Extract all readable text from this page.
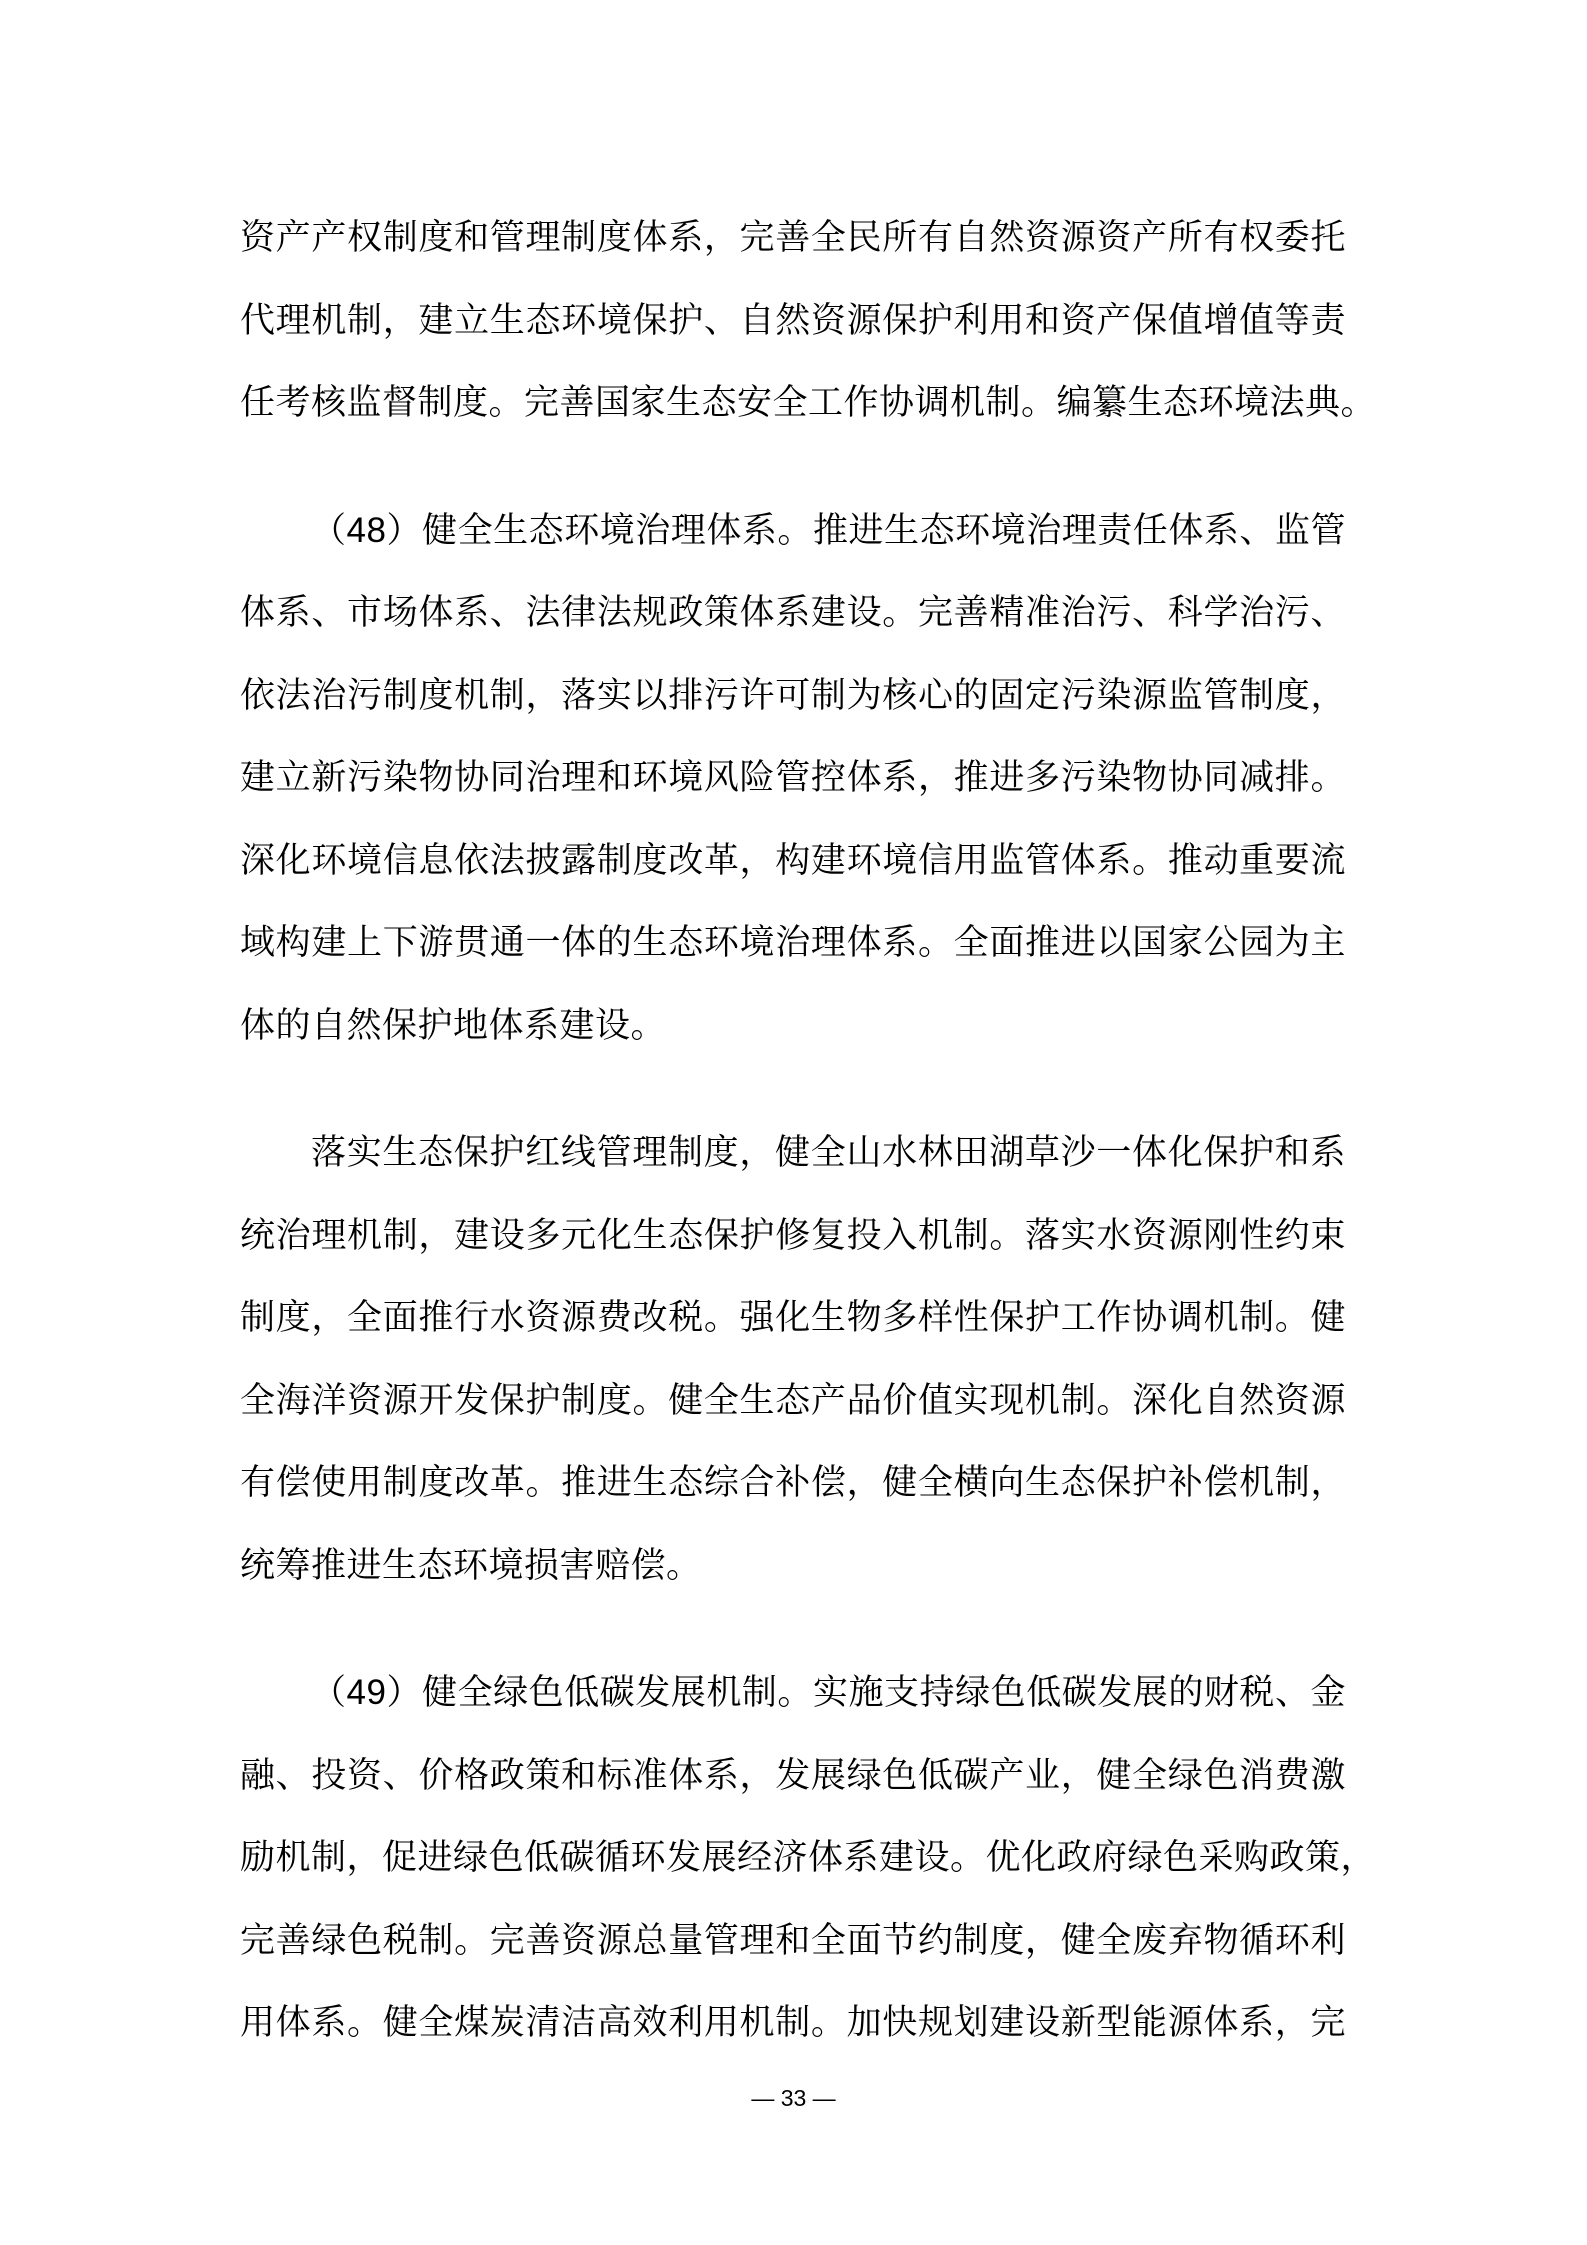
资产产权制度和管理制度体系，完善全民所有自然资源资产所有权委托
代理机制，建立生态环境保护、自然资源保护利用和资产保值增值等责
任考核监督制度。完善国家生态安全工作协调机制。编纂生态环境法典。
（48）健全生态环境治理体系。推进生态环境治理责任体系、监管
体系、市场体系、法律法规政策体系建设。完善精准治污、科学治污、
依法治污制度机制，落实以排污许可制为核心的固定污染源监管制度，
建立新污染物协同治理和环境风险管控体系，推进多污染物协同减排。
深化环境信息依法披露制度改革，构建环境信用监管体系。推动重要流
域构建上下游贯通一体的生态环境治理体系。全面推进以国家公园为主
体的自然保护地体系建设。
落实生态保护红线管理制度，健全山水林田湖草沙一体化保护和系
统治理机制，建设多元化生态保护修复投入机制。落实水资源刚性约束
制度，全面推行水资源费改税。强化生物多样性保护工作协调机制。健
全海洋资源开发保护制度。健全生态产品价值实现机制。深化自然资源
有偿使用制度改革。推进生态综合补偿，健全横向生态保护补偿机制，
统筹推进生态环境损害赔偿。
（49）健全绿色低碳发展机制。实施支持绿色低碳发展的财税、金
融、投资、价格政策和标准体系，发展绿色低碳产业，健全绿色消费激
励机制，促进绿色低碳循环发展经济体系建设。优化政府绿色采购政策，
完善绿色税制。完善资源总量管理和全面节约制度，健全废弃物循环利
用体系。健全煤炭清洁高效利用机制。加快规划建设新型能源体系，完
— 33 —
